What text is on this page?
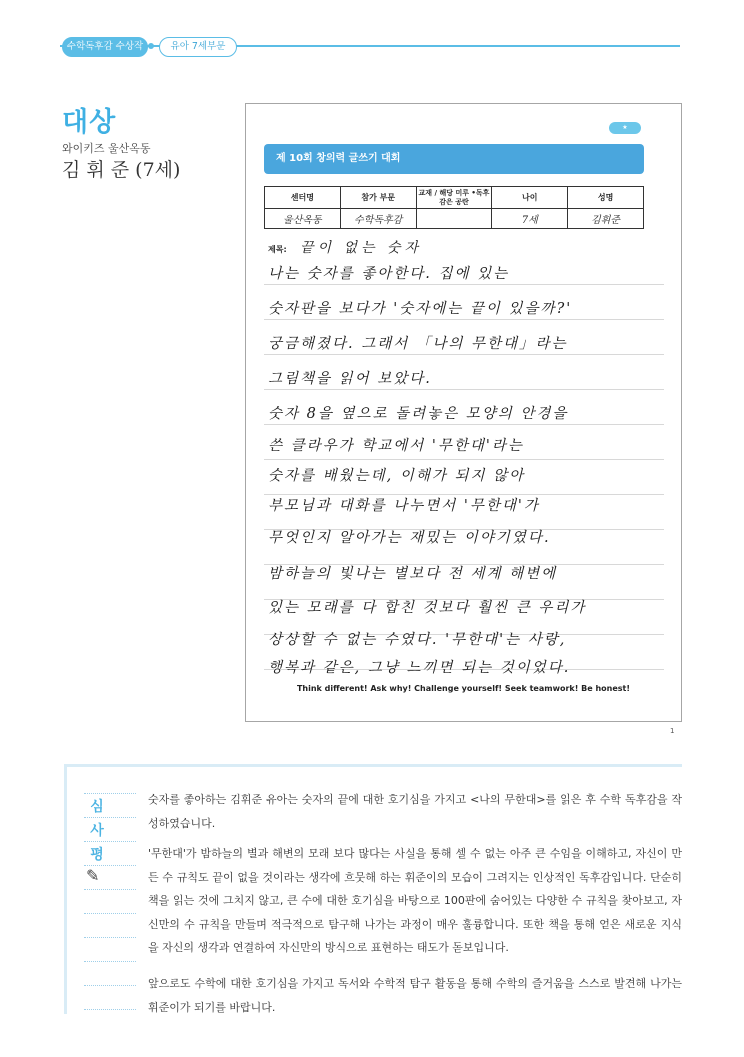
수학독후감 수상작	유아 7세부문
대상
와이키즈 울산옥동
김 휘 준 (7세)
★
제 10회 창의력 글쓰기 대회
센터명	참가 부문	교재 / 해당 미루 •독후감은 공란	나이	성명
울산옥동	수학독후감		7세	김휘준
제목: 끝이 없는 숫자
나는 숫자를 좋아한다. 집에 있는
숫자판을 보다가 '숫자에는 끝이 있을까?'
궁금해졌다. 그래서 「나의 무한대」라는
그림책을 읽어 보았다.
숫자 8을 옆으로 돌려놓은 모양의 안경을
쓴 클라우가 학교에서 '무한대'라는
숫자를 배웠는데, 이해가 되지 않아
부모님과 대화를 나누면서 '무한대'가
무엇인지 알아가는 재밌는 이야기였다.
밤하늘의 빛나는 별보다 전 세계 해변에
있는 모래를 다 합친 것보다 훨씬 큰 우리가
상상할 수 없는 수였다. '무한대'는 사랑,
행복과 같은, 그냥 느끼면 되는 것이었다.
Think different! Ask why! Challenge yourself! Seek teamwork! Be honest!
1
심
사
평
✎
숫자를 좋아하는 김휘준 유아는 숫자의 끝에 대한 호기심을 가지고 <나의 무한대>를 읽은 후 수학 독후감을 작성하였습니다.
'무한대'가 밤하늘의 별과 해변의 모래 보다 많다는 사실을 통해 셀 수 없는 아주 큰 수임을 이해하고, 자신이 만든 수 규칙도 끝이 없을 것이라는 생각에 흐뭇해 하는 휘준이의 모습이 그려지는 인상적인 독후감입니다. 단순히 책을 읽는 것에 그치지 않고, 큰 수에 대한 호기심을 바탕으로 100판에 숨어있는 다양한 수 규칙을 찾아보고, 자신만의 수 규칙을 만들며 적극적으로 탐구해 나가는 과정이 매우 훌륭합니다. 또한 책을 통해 얻은 새로운 지식을 자신의 생각과 연결하여 자신만의 방식으로 표현하는 태도가 돋보입니다.
앞으로도 수학에 대한 호기심을 가지고 독서와 수학적 탐구 활동을 통해 수학의 즐거움을 스스로 발견해 나가는 휘준이가 되기를 바랍니다.
